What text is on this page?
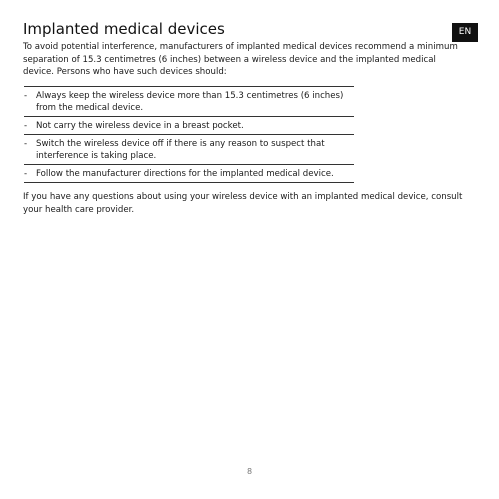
Implanted medical devices	EN

To avoid potential interference, manufacturers of implanted medical devices recommend a minimum separation of 15.3 centimetres (6 inches) between a wireless device and the implanted medical device. Persons who have such devices should:

-	Always keep the wireless device more than 15.3 centimetres (6 inches) from the medical device.
-	Not carry the wireless device in a breast pocket.
-	Switch the wireless device off if there is any reason to suspect that interference is taking place.
-	Follow the manufacturer directions for the implanted medical device.

If you have any questions about using your wireless device with an implanted medical device, consult your health care provider.

8
